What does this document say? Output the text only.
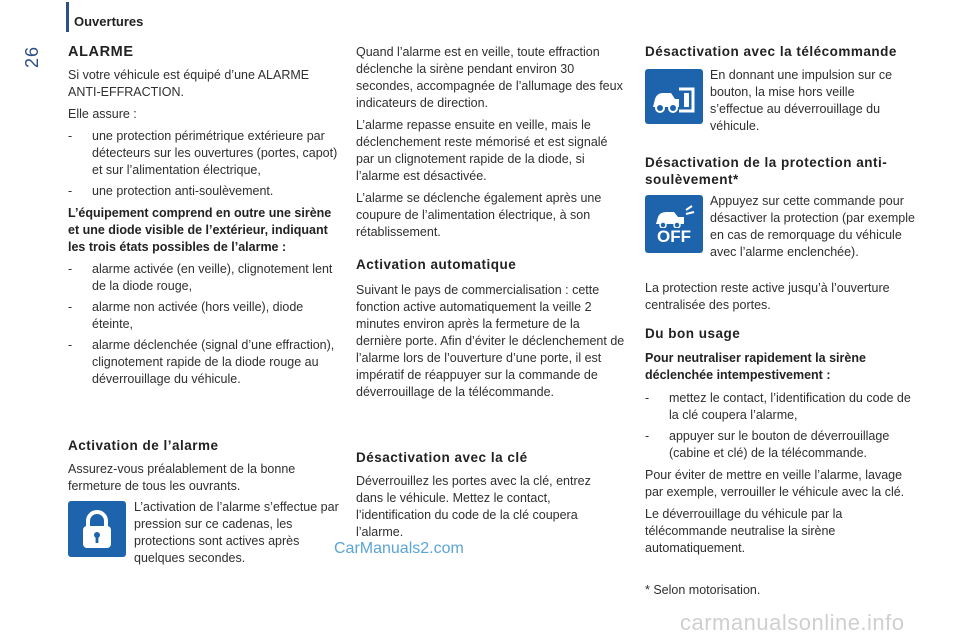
26
Ouvertures
ALARME

Si votre véhicule est équipé d’une ALARME ANTI-EFFRACTION.

Elle assure :

- une protection périmétrique extérieure par détecteurs sur les ouvertures (portes, capot) et sur l’alimentation électrique,
- une protection anti-soulèvement.

L’équipement comprend en outre une sirène et une diode visible de l’extérieur, indiquant les trois états possibles de l’alarme :

- alarme activée (en veille), clignotement lent de la diode rouge,
- alarme non activée (hors veille), diode éteinte,
- alarme déclenchée (signal d’une effraction), clignotement rapide de la diode rouge au déverrouillage du véhicule.
Activation de l’alarme
Assurez-vous préalablement de la bonne fermeture de tous les ouvrants.
L’activation de l’alarme s’effectue par pression sur ce cadenas, les protections sont actives après quelques secondes.

Quand l’alarme est en veille, toute effraction déclenche la sirène pendant environ 30 secondes, accompagnée de l’allumage des feux indicateurs de direction.

L’alarme repasse ensuite en veille, mais le déclenchement reste mémorisé et est signalé par un clignotement rapide de la diode, si l’alarme est désactivée.

L’alarme se déclenche également après une coupure de l’alimentation électrique, à son rétablissement.

Activation automatique
Suivant le pays de commercialisation : cette fonction active automatiquement la veille 2 minutes environ après la fermeture de la dernière porte. Afin d’éviter le déclenchement de l’alarme lors de l’ouverture d’une porte, il est impératif de réappuyer sur la commande de déverrouillage de la télécommande.
Désactivation avec la clé
Déverrouillez les portes avec la clé, entrez dans le véhicule. Mettez le contact, l’identification du code de la clé coupera l’alarme.
Désactivation avec la télécommande
En donnant une impulsion sur ce bouton, la mise hors veille s’effectue au déverrouillage du véhicule.
Désactivation de la protection anti-soulèvement*
OFF
Appuyez sur cette commande pour désactiver la protection (par exemple en cas de remorquage du véhicule avec l’alarme enclenchée).
La protection reste active jusqu’à l’ouverture centralisée des portes.
Du bon usage

Pour neutraliser rapidement la sirène déclenchée intempestivement :

- mettez le contact, l’identification du code de la clé coupera l’alarme,
- appuyer sur le bouton de déverrouillage (cabine et clé) de la télécommande.

Pour éviter de mettre en veille l’alarme, lavage par exemple, verrouiller le véhicule avec la clé.

Le déverrouillage du véhicule par la télécommande neutralise la sirène automatiquement.

* Selon motorisation.
CarManuals2.com
carmanualsonline.info
